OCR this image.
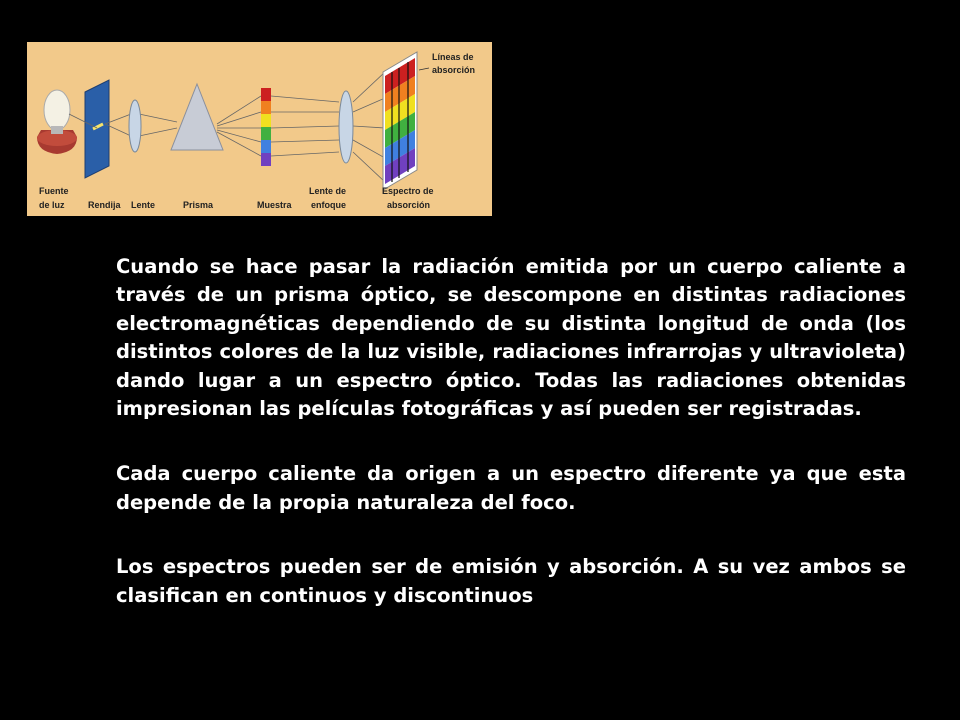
Fuente
de luz	Rendija Lente	Prisma	Muestra
Lente de
enfoque
Espectro de
absorción
Líneas de
absorción

Cuando se hace pasar la radiación emitida por un cuerpo caliente a través de un prisma óptico, se descompone en distintas radiaciones electromagnéticas dependiendo de su distinta longitud de onda (los distintos colores de la luz visible, radiaciones infrarrojas y ultravioleta) dando lugar a un espectro óptico. Todas las radiaciones obtenidas impresionan las películas fotográficas y así pueden ser registradas.

Cada cuerpo caliente da origen a un espectro diferente ya que esta depende de la propia naturaleza del foco.

Los espectros pueden ser de emisión y absorción. A su vez ambos se clasifican en continuos y discontinuos
